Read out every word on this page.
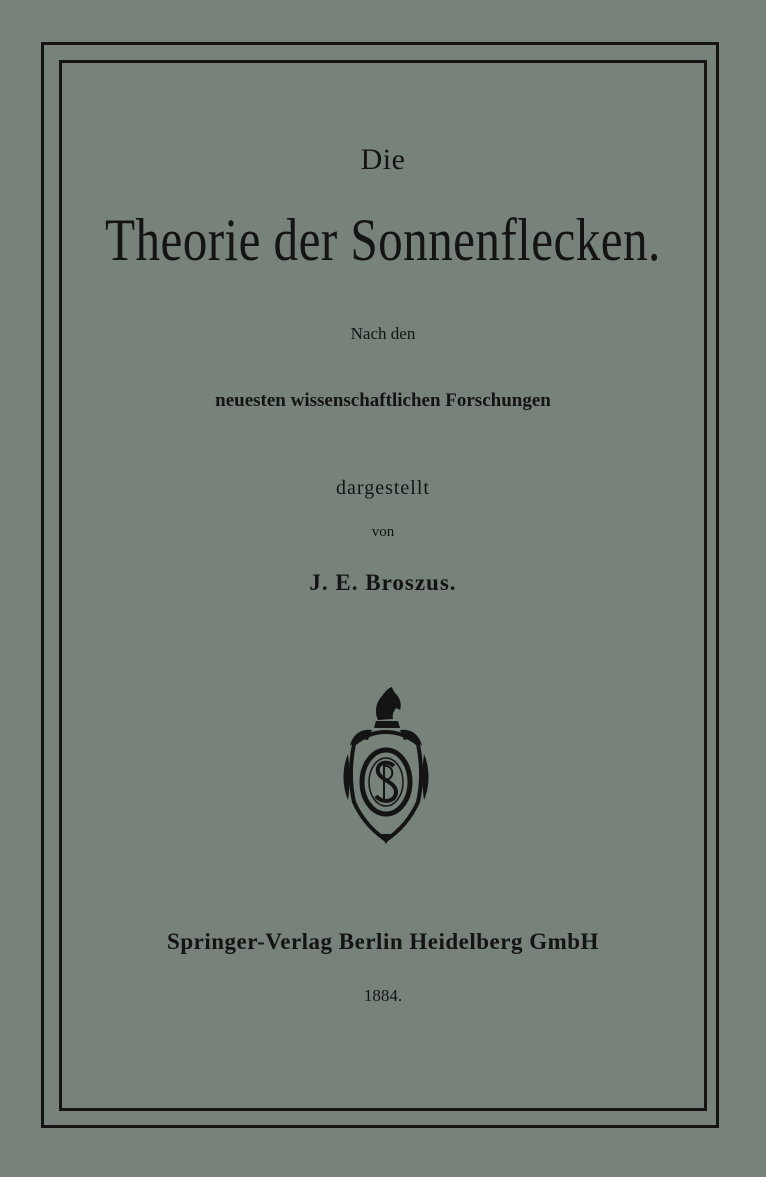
Die
Theorie der Sonnenflecken.
Nach den
neuesten wissenschaftlichen Forschungen
dargestellt
von
J. E. Broszus.
Springer-Verlag Berlin Heidelberg GmbH
1884.
